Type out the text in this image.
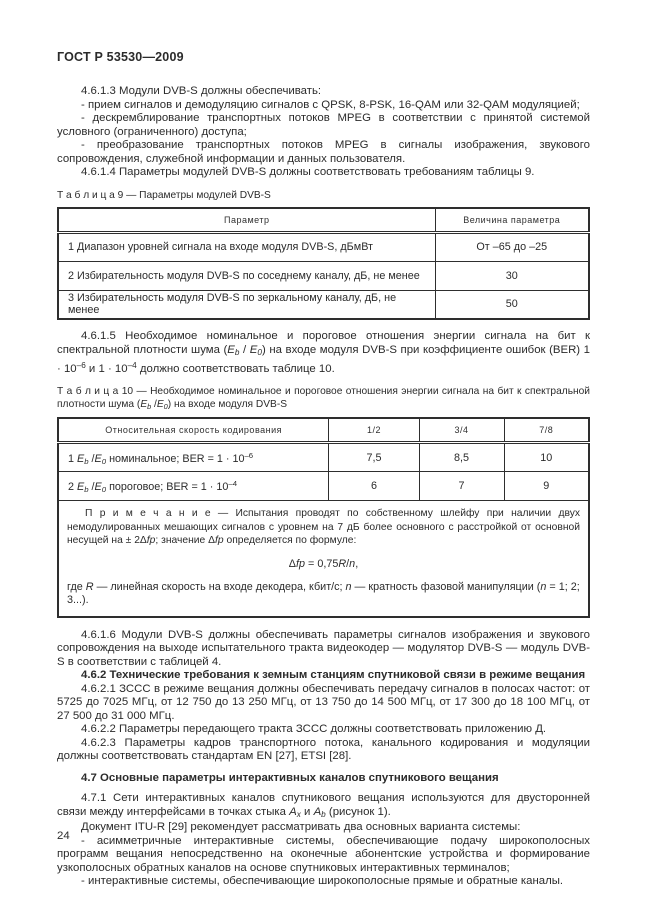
ГОСТ Р 53530—2009

4.6.1.3 Модули DVB-S должны обеспечивать:

- прием сигналов и демодуляцию сигналов с QPSK, 8-PSK, 16-QAM или 32-QAM модуляцией;

- дескремблирование транспортных потоков MPEG в соответствии с принятой системой условного (ограниченного) доступа;

- преобразование транспортных потоков MPEG в сигналы изображения, звукового сопровождения, служебной информации и данных пользователя.

4.6.1.4 Параметры модулей DVB-S должны соответствовать требованиям таблицы 9.

Т а б л и ц а 9 — Параметры модулей DVB-S
Параметр	Величина параметра
1 Диапазон уровней сигнала на входе модуля DVB-S, дБмВт	От –65 до –25
2 Избирательность модуля DVB-S по соседнему каналу, дБ, не менее	30
3 Избирательность модуля DVB-S по зеркальному каналу, дБ, не менее	50

4.6.1.5 Необходимое номинальное и пороговое отношения энергии сигнала на бит к спектральной плотности шума (Eb / E0) на входе модуля DVB-S при коэффициенте ошибок (BER) $1 \cdot 10^{-6}$ и $1 \cdot 10^{-4}$ должно соответствовать таблице 10.

Т а б л и ц а 10 — Необходимое номинальное и пороговое отношения энергии сигнала на бит к спектральной плотности шума (Eb /E0) на входе модуля DVB-S
Относительная скорость кодирования	1/2	3/4	7/8
1 Eb /E0 номинальное; BER = $1 \cdot 10^{-6}$	7,5	8,5	10
2 Eb /E0 пороговое; BER = $1 \cdot 10^{-4}$	6	7	9

П р и м е ч а н и е — Испытания проводят по собственному шлейфу при наличии двух немодулированных мешающих сигналов с уровнем на 7 дБ более основного с расстройкой от основной несущей на ± 2Δfp; значение Δfp определяется по формуле:
Δfp = 0,75R/n,
где R — линейная скорость на входе декодера, кбит/с; n — кратность фазовой манипуляции (n = 1; 2; 3...).			

4.6.1.6 Модули DVB-S должны обеспечивать параметры сигналов изображения и звукового сопровождения на выходе испытательного тракта видеокодер — модулятор DVB-S — модуль DVB-S в соответствии с таблицей 4.

4.6.2 Технические требования к земным станциям спутниковой связи в режиме вещания

4.6.2.1 ЗССС в режиме вещания должны обеспечивать передачу сигналов в полосах частот: от 5725 до 7025 МГц, от 12 750 до 13 250 МГц, от 13 750 до 14 500 МГц, от 17 300 до 18 100 МГц, от 27 500 до 31 000 МГц.

4.6.2.2 Параметры передающего тракта ЗССС должны соответствовать приложению Д.

4.6.2.3 Параметры кадров транспортного потока, канального кодирования и модуляции должны соответствовать стандартам EN [27], ETSI [28].

4.7 Основные параметры интерактивных каналов спутникового вещания

4.7.1 Сети интерактивных каналов спутникового вещания используются для двусторонней связи между интерфейсами в точках стыка Ax и Ab (рисунок 1).

Документ ITU-R [29] рекомендует рассматривать два основных варианта системы:

- асимметричные интерактивные системы, обеспечивающие подачу широкополосных программ вещания непосредственно на оконечные абонентские устройства и формирование узкополосных обратных каналов на основе спутниковых интерактивных терминалов;

- интерактивные системы, обеспечивающие широкополосные прямые и обратные каналы.

24
